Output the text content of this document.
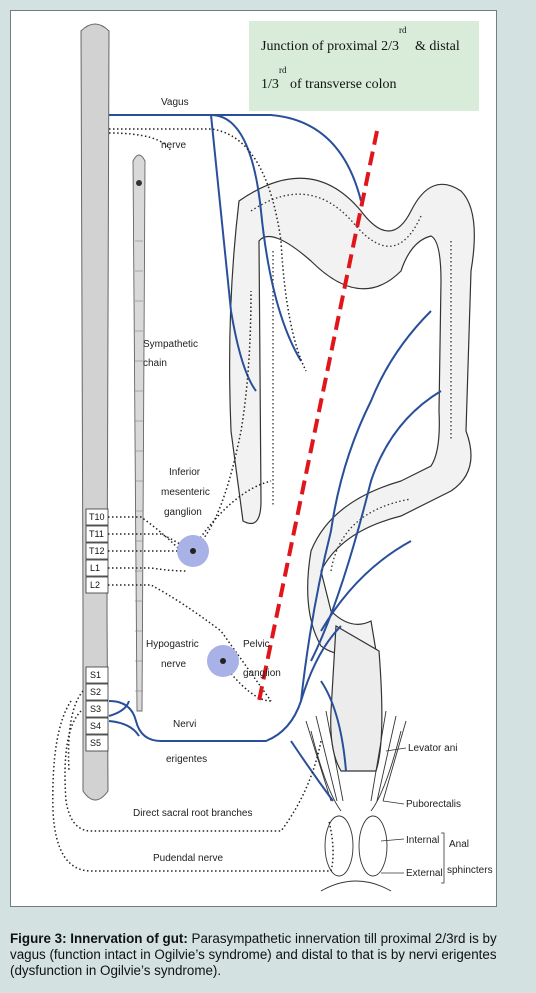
T10
T11
T12
L1
L2
S1
S2
S3
S4
S5
Vagus
nerve
Sympathetic
chain
Inferior
mesenteric
ganglion
Hypogastric
nerve
Pelvic
ganglion
Nervi
erigentes
Direct sacral root branches
Pudendal nerve
Levator ani
Puborectalis
Internal
External
Anal
sphincters
rd
Junction of proximal 2/3 & distal
rd
1/3 of transverse colon
Figure 3: Innervation of gut: Parasympathetic innervation till proximal 2/3rd is by vagus (function intact in Ogilvie’s syndrome) and distal to that is by nervi erigentes (dysfunction in Ogilvie’s syndrome).
